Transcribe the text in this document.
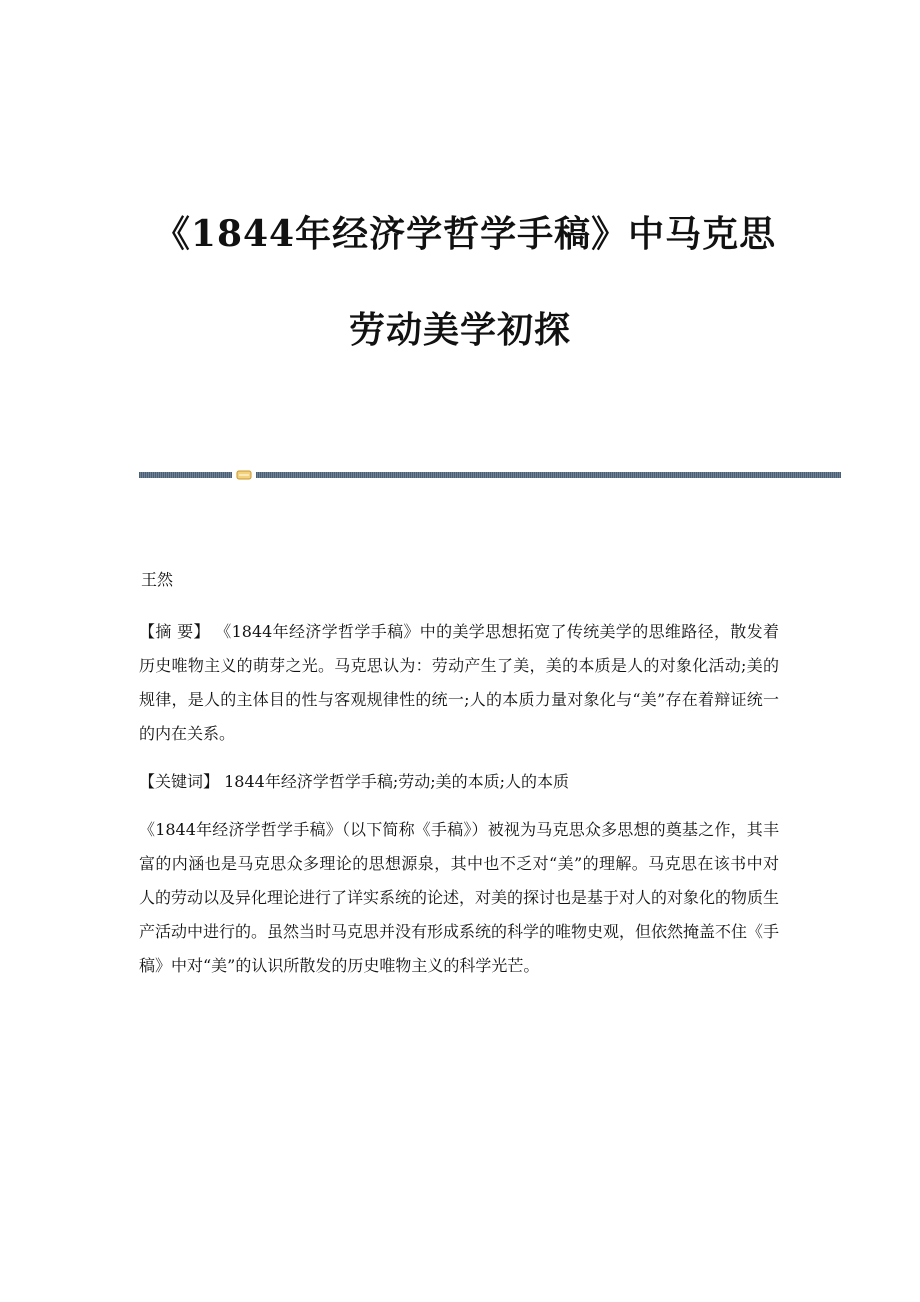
《1844年经济学哲学手稿》中马克思
劳动美学初探
王然

【摘 要】 《1844年经济学哲学手稿》中的美学思想拓宽了传统美学的思维路径，散发着历史唯物主义的萌芽之光。马克思认为：劳动产生了美，美的本质是人的对象化活动;美的规律，是人的主体目的性与客观规律性的统一;人的本质力量对象化与“美”存在着辩证统一的内在关系。

【关键词】 1844年经济学哲学手稿;劳动;美的本质;人的本质

《1844年经济学哲学手稿》（以下简称《手稿》）被视为马克思众多思想的奠基之作，其丰富的内涵也是马克思众多理论的思想源泉，其中也不乏对“美”的理解。马克思在该书中对人的劳动以及异化理论进行了详实系统的论述，对美的探讨也是基于对人的对象化的物质生产活动中进行的。虽然当时马克思并没有形成系统的科学的唯物史观，但依然掩盖不住《手稿》中对“美”的认识所散发的历史唯物主义的科学光芒。
